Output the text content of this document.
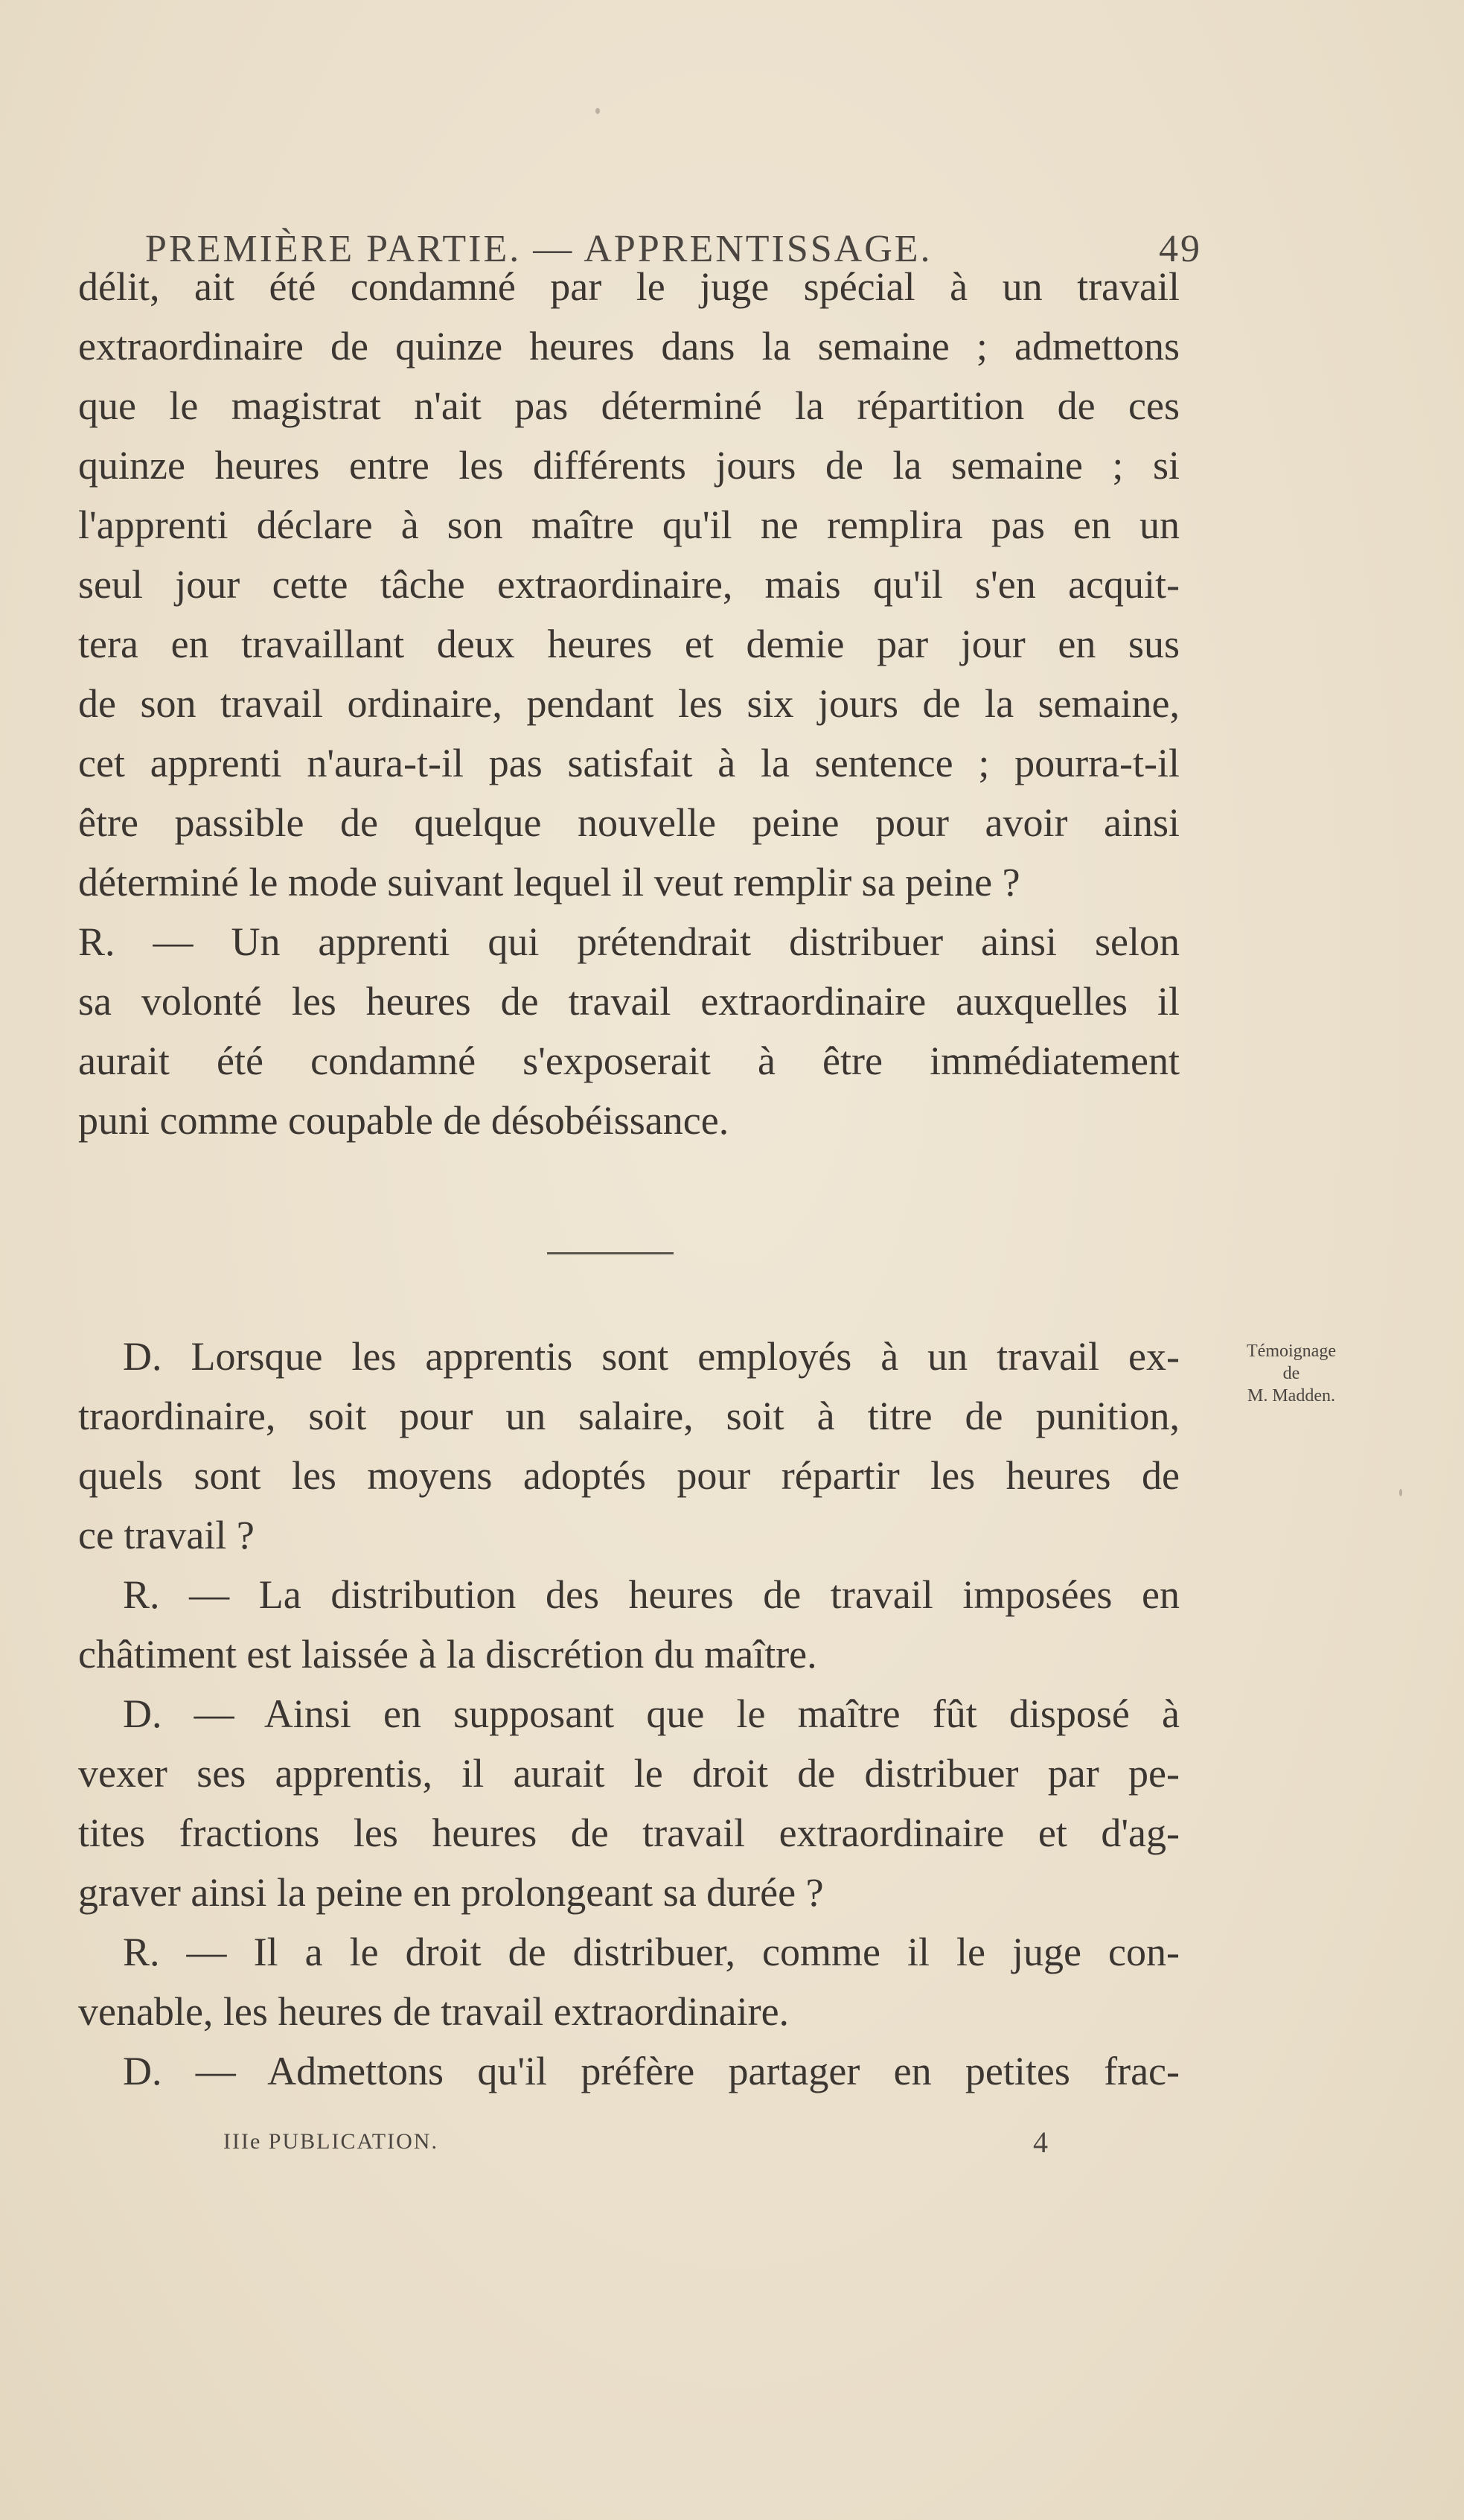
PREMIÈRE PARTIE. — APPRENTISSAGE.	49
délit, ait été condamné par le juge spécial à un travail
extraordinaire de quinze heures dans la semaine ; admettons
que le magistrat n'ait pas déterminé la répartition de ces
quinze heures entre les différents jours de la semaine ; si
l'apprenti déclare à son maître qu'il ne remplira pas en un
seul jour cette tâche extraordinaire, mais qu'il s'en acquit-
tera en travaillant deux heures et demie par jour en sus
de son travail ordinaire, pendant les six jours de la semaine,
cet apprenti n'aura-t-il pas satisfait à la sentence ; pourra-t-il
être passible de quelque nouvelle peine pour avoir ainsi
déterminé le mode suivant lequel il veut remplir sa peine ?
R. — Un apprenti qui prétendrait distribuer ainsi selon
sa volonté les heures de travail extraordinaire auxquelles il
aurait été condamné s'exposerait à être immédiatement
puni comme coupable de désobéissance.
D. Lorsque les apprentis sont employés à un travail ex-
traordinaire, soit pour un salaire, soit à titre de punition,
quels sont les moyens adoptés pour répartir les heures de
ce travail ?
R. — La distribution des heures de travail imposées en
châtiment est laissée à la discrétion du maître.
D. — Ainsi en supposant que le maître fût disposé à
vexer ses apprentis, il aurait le droit de distribuer par pe-
tites fractions les heures de travail extraordinaire et d'ag-
graver ainsi la peine en prolongeant sa durée ?
R. — Il a le droit de distribuer, comme il le juge con-
venable, les heures de travail extraordinaire.
D. — Admettons qu'il préfère partager en petites frac-
Témoignage
de
M. Madden.
IIIe PUBLICATION.	4
